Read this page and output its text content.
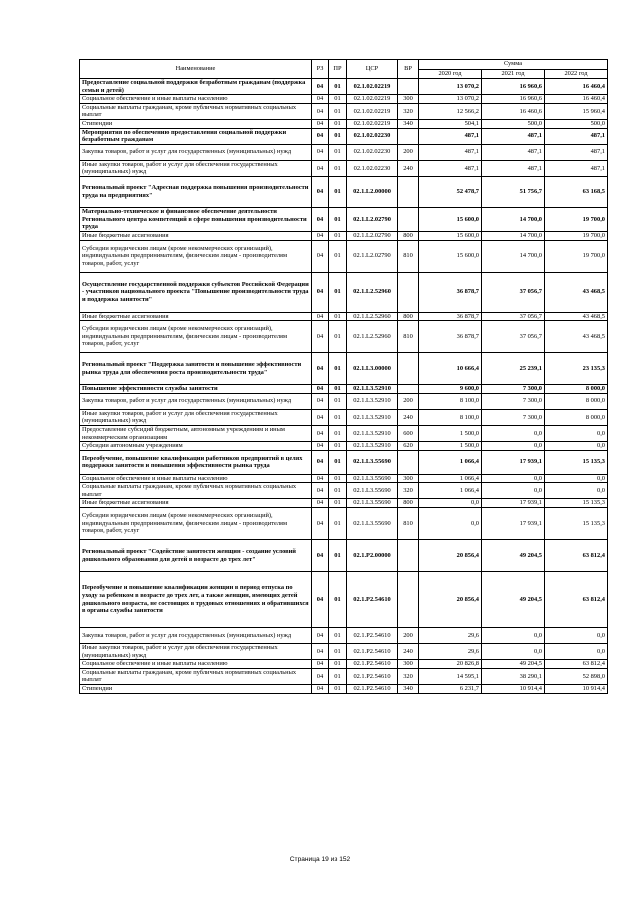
Наименование	РЗ	ПР	ЦСР	ВР	Сумма		
					2020 год	2021 год	2022 год
Предоставление социальной поддержки безработным гражданам (поддержка семьи и детей)	04	01	02.1.02.02219		13 070,2	16 960,6	16 460,4
Социальное обеспечение и иные выплаты населению	04	01	02.1.02.02219	300	13 070,2	16 960,6	16 460,4
Социальные выплаты гражданам, кроме публичных нормативных социальных выплат	04	01	02.1.02.02219	320	12 566,2	16 460,6	15 960,4
Стипендии	04	01	02.1.02.02219	340	504,1	500,0	500,0
Мероприятия по обеспечению предоставления социальной поддержки безработным гражданам	04	01	02.1.02.02230		487,1	487,1	487,1
Закупка товаров, работ и услуг для государственных (муниципальных) нужд	04	01	02.1.02.02230	200	487,1	487,1	487,1
Иные закупки товаров, работ и услуг для обеспечения государственных (муниципальных) нужд	04	01	02.1.02.02230	240	487,1	487,1	487,1
Региональный проект "Адресная поддержка повышения производительности труда на предприятиях"	04	01	02.1.L2.00000		52 478,7	51 756,7	63 168,5
Материально-техническое и финансовое обеспечение деятельности Регионального центра компетенций в сфере повышения производительности труда	04	01	02.1.L2.02790		15 600,0	14 700,0	19 700,0
Иные бюджетные ассигнования	04	01	02.1.L2.02790	800	15 600,0	14 700,0	19 700,0
Субсидии юридическим лицам (кроме некоммерческих организаций), индивидуальным предпринимателям, физическим лицам - производителям товаров, работ, услуг	04	01	02.1.L2.02790	810	15 600,0	14 700,0	19 700,0
Осуществление государственной поддержки субъектов Российской Федерации - участников национального проекта "Повышение производительности труда и поддержка занятости"	04	01	02.1.L2.52960		36 878,7	37 056,7	43 468,5
Иные бюджетные ассигнования	04	01	02.1.L2.52960	800	36 878,7	37 056,7	43 468,5
Субсидии юридическим лицам (кроме некоммерческих организаций), индивидуальным предпринимателям, физическим лицам - производителям товаров, работ, услуг	04	01	02.1.L2.52960	810	36 878,7	37 056,7	43 468,5
Региональный проект "Поддержка занятости и повышение эффективности рынка труда для обеспечения роста производительности труда"	04	01	02.1.L3.00000		10 666,4	25 239,1	23 135,3
Повышение эффективности службы занятости	04	01	02.1.L3.52910		9 600,0	7 300,0	8 000,0
Закупка товаров, работ и услуг для государственных (муниципальных) нужд	04	01	02.1.L3.52910	200	8 100,0	7 300,0	8 000,0
Иные закупки товаров, работ и услуг для обеспечения государственных (муниципальных) нужд	04	01	02.1.L3.52910	240	8 100,0	7 300,0	8 000,0
Предоставление субсидий бюджетным, автономным учреждениям и иным некоммерческим организациям	04	01	02.1.L3.52910	600	1 500,0	0,0	0,0
Субсидии автономным учреждениям	04	01	02.1.L3.52910	620	1 500,0	0,0	0,0
Переобучение, повышение квалификации работников предприятий в целях поддержки занятости и повышения эффективности рынка труда	04	01	02.1.L3.55690		1 066,4	17 939,1	15 135,3
Социальное обеспечение и иные выплаты населению	04	01	02.1.L3.55690	300	1 066,4	0,0	0,0
Социальные выплаты гражданам, кроме публичных нормативных социальных выплат	04	01	02.1.L3.55690	320	1 066,4	0,0	0,0
Иные бюджетные ассигнования	04	01	02.1.L3.55690	800	0,0	17 939,1	15 135,3
Субсидии юридическим лицам (кроме некоммерческих организаций), индивидуальным предпринимателям, физическим лицам - производителям товаров, работ, услуг	04	01	02.1.L3.55690	810	0,0	17 939,1	15 135,3
Региональный проект "Содействие занятости женщин - создание условий дошкольного образования для детей в возрасте до трех лет"	04	01	02.1.P2.00000		20 856,4	49 204,5	63 812,4
Переобучение и повышение квалификации женщин в период отпуска по уходу за ребенком в возрасте до трех лет, а также женщин, имеющих детей дошкольного возраста, не состоящих в трудовых отношениях и обратившихся в органы службы занятости	04	01	02.1.P2.54610		20 856,4	49 204,5	63 812,4
Закупка товаров, работ и услуг для государственных (муниципальных) нужд	04	01	02.1.P2.54610	200	29,6	0,0	0,0
Иные закупки товаров, работ и услуг для обеспечения государственных (муниципальных) нужд	04	01	02.1.P2.54610	240	29,6	0,0	0,0
Социальное обеспечение и иные выплаты населению	04	01	02.1.P2.54610	300	20 826,8	49 204,5	63 812,4
Социальные выплаты гражданам, кроме публичных нормативных социальных выплат	04	01	02.1.P2.54610	320	14 595,1	38 290,1	52 898,0
Стипендии	04	01	02.1.P2.54610	340	6 231,7	10 914,4	10 914,4
Страница 19 из 152
